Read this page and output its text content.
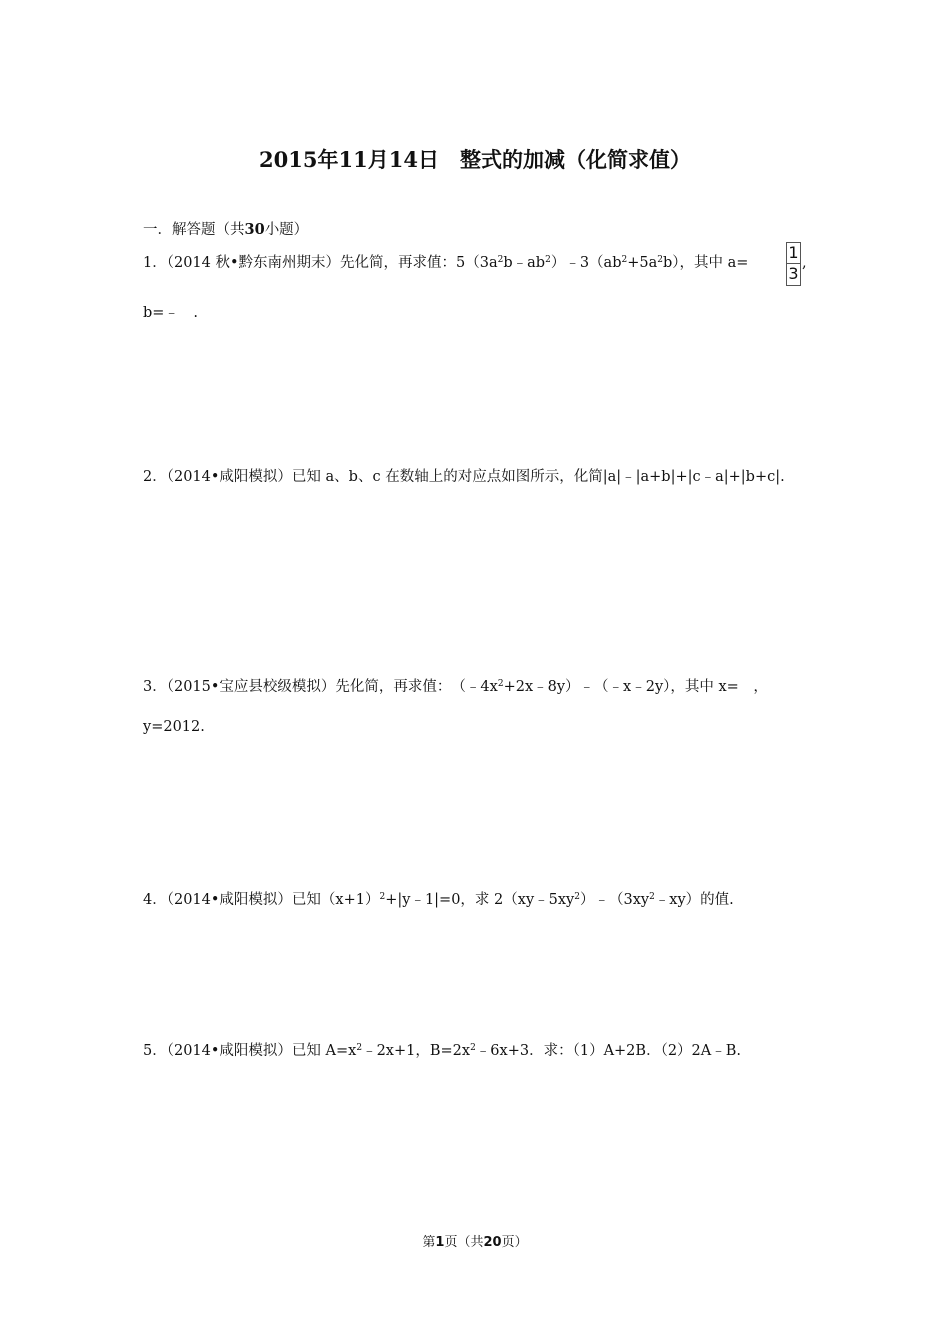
2015年11月14日　整式的加减（化简求值）
一．解答题（共30小题）
1．（2014 秋•黔东南州期末）先化简，再求值：$5(3a^2b﹣ab^2)﹣3(ab^2+5a^2b)$，其中 $a= \frac{1}{3}$ ,
b=﹣　.
2．（2014•咸阳模拟）已知 a、b、c 在数轴上的对应点如图所示，化简|a|﹣|a+b|+|c﹣a|+|b+c|.
3．（2015•宝应县校级模拟）先化简，再求值：　$(﹣4x^2+2x﹣8y)﹣(﹣x﹣2y)$，其中 x=　，
y=2012.
4．（2014•咸阳模拟）已知$(x+1)^2+|y﹣1|=0$，求 $2(xy﹣5xy^2)﹣(3xy^2﹣xy)$的值.
5．（2014•咸阳模拟）已知 $A=x^2﹣2x+1$，$B=2x^2﹣6x+3$．求：（1）A+2B．（2）2A﹣B.
第1页（共20页）
